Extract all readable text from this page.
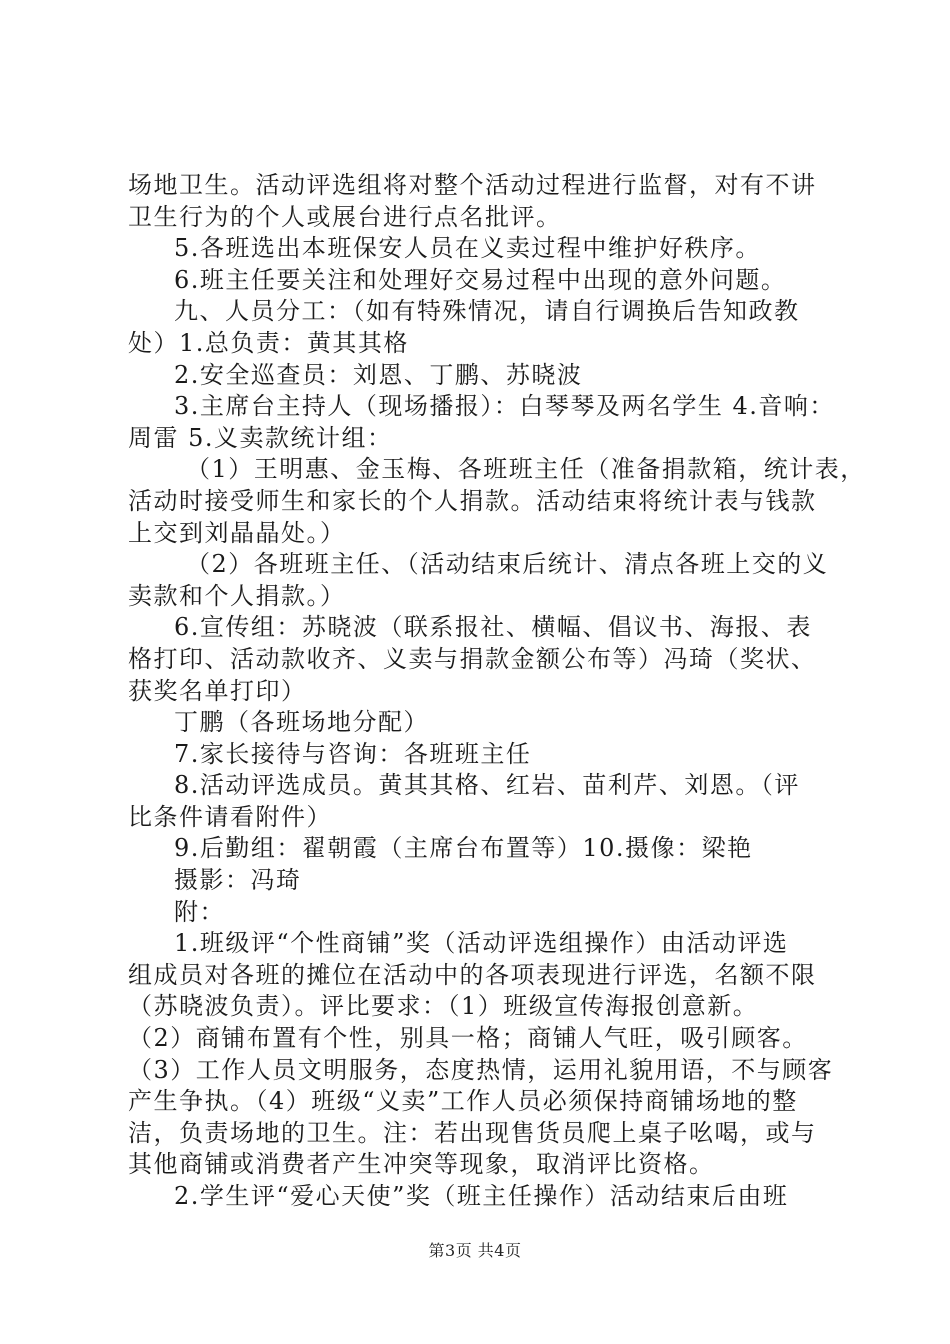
场地卫生。活动评选组将对整个活动过程进行监督，对有不讲
卫生行为的个人或展台进行点名批评。
5.各班选出本班保安人员在义卖过程中维护好秩序。
6.班主任要关注和处理好交易过程中出现的意外问题。
九、人员分工：（如有特殊情况，请自行调换后告知政教
处）1.总负责：黄其其格
2.安全巡查员：刘恩、丁鹏、苏晓波
3.主席台主持人（现场播报）：白琴琴及两名学生 4.音响：
周雷 5.义卖款统计组：
（1）王明惠、金玉梅、各班班主任（准备捐款箱，统计表，
活动时接受师生和家长的个人捐款。活动结束将统计表与钱款
上交到刘晶晶处。）
（2）各班班主任、（活动结束后统计、清点各班上交的义
卖款和个人捐款。）
6.宣传组：苏晓波（联系报社、横幅、倡议书、海报、表
格打印、活动款收齐、义卖与捐款金额公布等）冯琦（奖状、
获奖名单打印）
丁鹏（各班场地分配）
7.家长接待与咨询：各班班主任
8.活动评选成员。黄其其格、红岩、苗利芹、刘恩。（评
比条件请看附件）
9.后勤组：翟朝霞（主席台布置等）10.摄像：梁艳
摄影：冯琦
附：
1.班级评“个性商铺”奖（活动评选组操作）由活动评选
组成员对各班的摊位在活动中的各项表现进行评选，名额不限
（苏晓波负责）。评比要求：（1）班级宣传海报创意新。
（2）商铺布置有个性，别具一格；商铺人气旺，吸引顾客。
（3）工作人员文明服务，态度热情，运用礼貌用语，不与顾客
产生争执。（4）班级“义卖”工作人员必须保持商铺场地的整
洁，负责场地的卫生。注：若出现售货员爬上桌子吆喝，或与
其他商铺或消费者产生冲突等现象，取消评比资格。
2.学生评“爱心天使”奖（班主任操作）活动结束后由班
第3页 共4页
